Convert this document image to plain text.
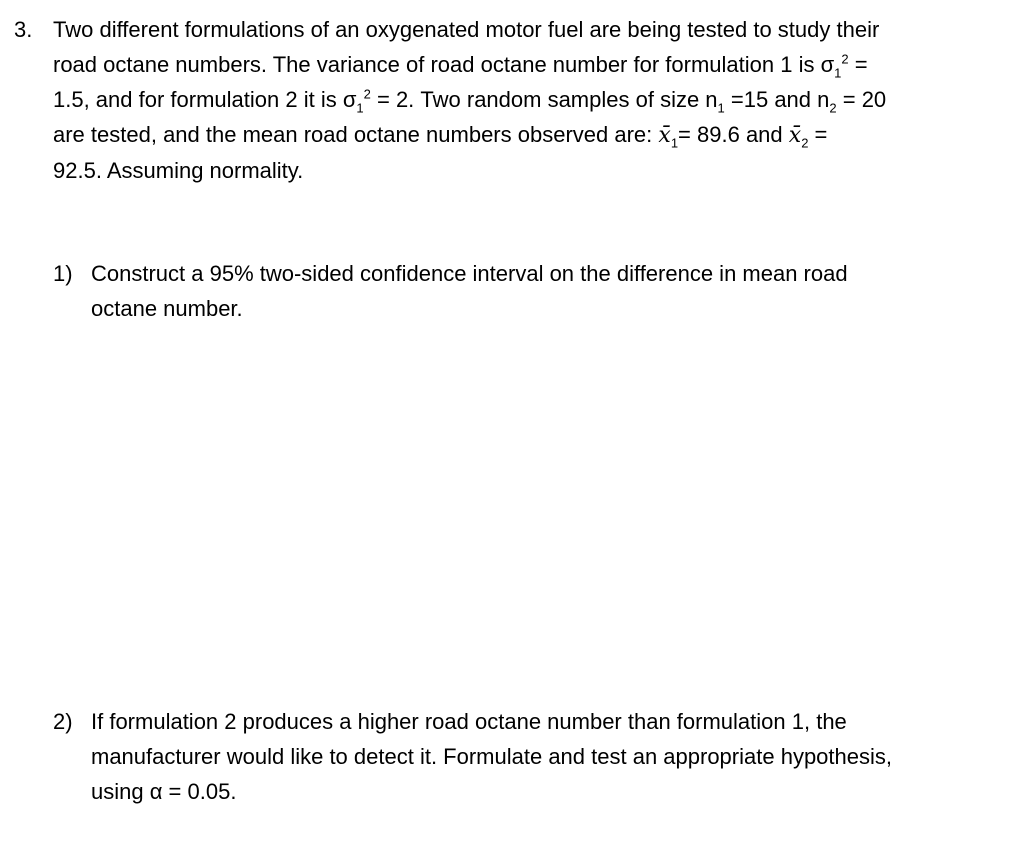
3. Two different formulations of an oxygenated motor fuel are being tested to study their
road octane numbers. The variance of road octane number for formulation 1 is $\sigma_1^2$ =
1.5, and for formulation 2 it is $\sigma_1^2 = 2$. Two random samples of size $n_1 =15$ and $n_2 = 20$
are tested, and the mean road octane numbers observed are: $x̄_1= 89.6$ and $x̄_2$ =
92.5. Assuming normality.
1) Construct a 95% two-sided confidence interval on the difference in mean road
octane number.
2) If formulation 2 produces a higher road octane number than formulation 1, the
manufacturer would like to detect it. Formulate and test an appropriate hypothesis,
using α = 0.05.
